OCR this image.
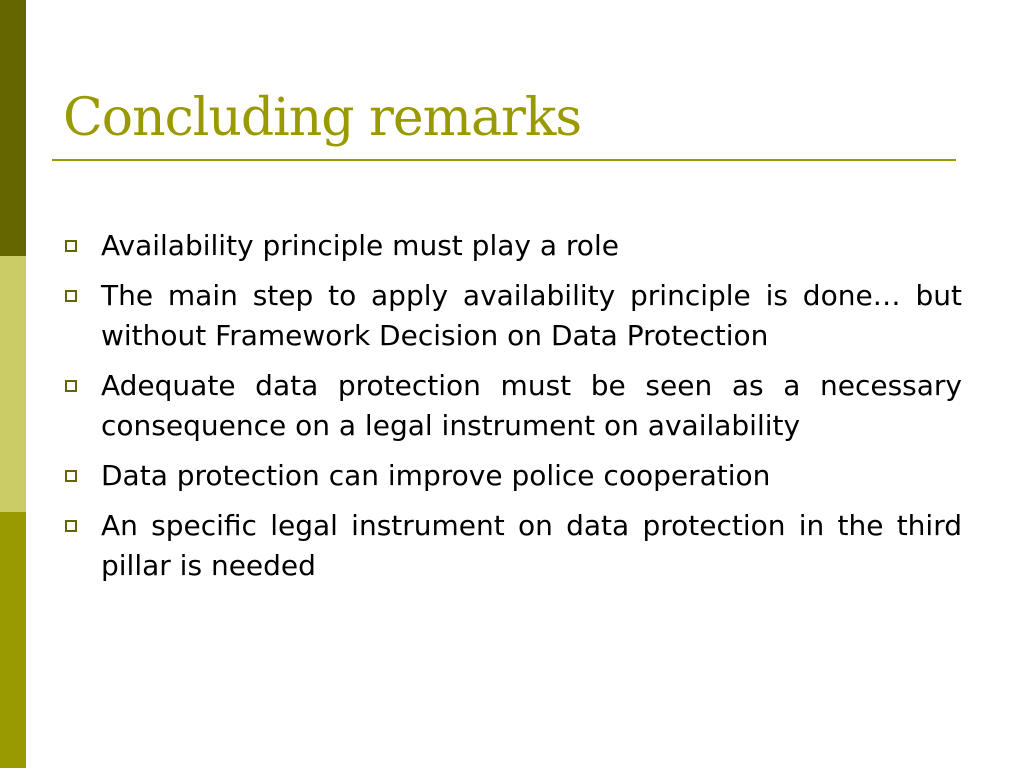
Concluding remarks
Availability principle must play a role
The main step to apply availability principle is done… but without Framework Decision on Data Protection
Adequate data protection must be seen as a necessary consequence on a legal instrument on availability
Data protection can improve police cooperation
An specific legal instrument on data protection in the third pillar is needed
